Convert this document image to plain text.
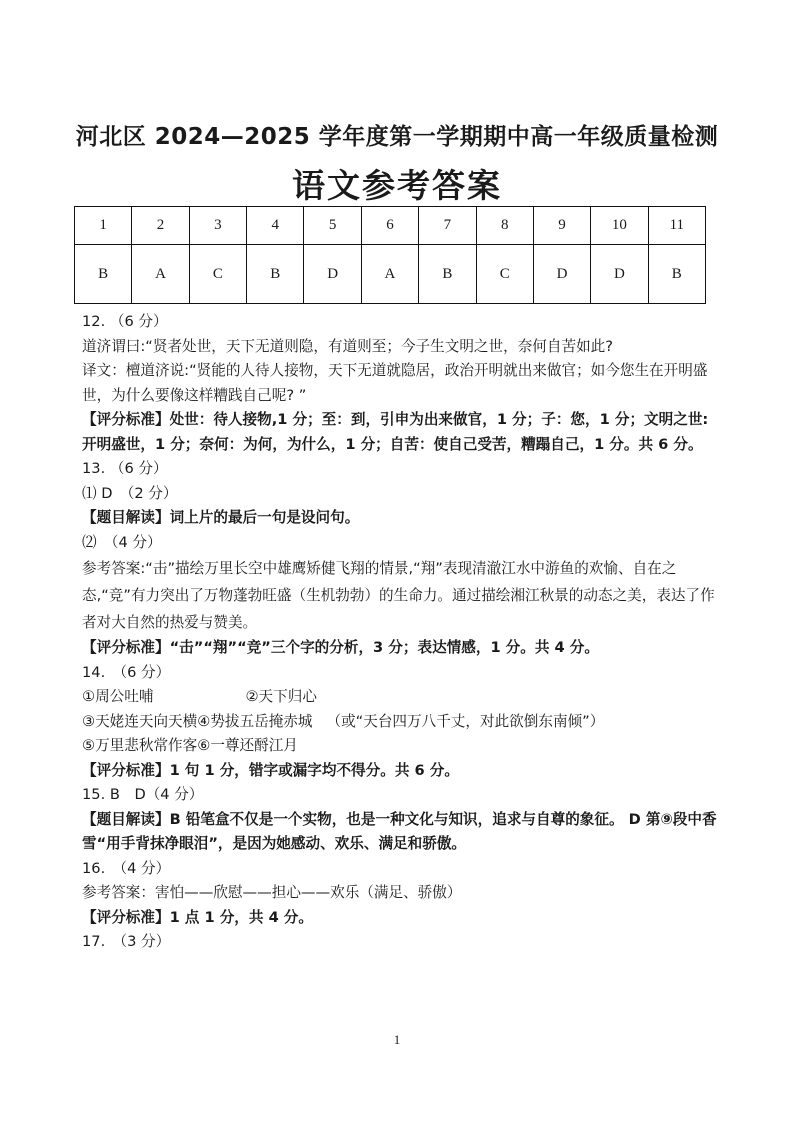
河北区 2024—2025 学年度第一学期期中高一年级质量检测
语文参考答案
1	2	3	4	5	6	7	8	9	10	11
B	A	C	B	D	A	B	C	D	D	B

12. （6 分）

道济谓曰:“贤者处世，天下无道则隐，有道则至；今子生文明之世，奈何自苦如此?

译文：檀道济说:“贤能的人待人接物，天下无道就隐居，政治开明就出来做官；如今您生在开明盛世，为什么要像这样糟践自己呢? ”

【评分标准】处世：待人接物,1 分；至：到，引申为出来做官，1 分；子：您，1 分；文明之世:开明盛世，1 分；奈何：为何，为什么，1 分；自苦：使自己受苦，糟蹋自己，1 分。共 6 分。

13. （6 分）

⑴ D　（2 分）

【题目解读】词上片的最后一句是设问句。

⑵　（4 分）

参考答案:“击”描绘万里长空中雄鹰矫健飞翔的情景,“翔”表现清澈江水中游鱼的欢愉、自在之态,“竞”有力突出了万物蓬勃旺盛（生机勃勃）的生命力。通过描绘湘江秋景的动态之美，表达了作者对大自然的热爱与赞美。

【评分标准】“击”“翔”“竞”三个字的分析，3 分；表达情感，1 分。共 4 分。

14.　（6 分）

①周公吐哺	②天下归心

③天姥连天向天横④势拔五岳掩赤城 （或“天台四万八千丈，对此欲倒东南倾”）

⑤万里悲秋常作客⑥一尊还酹江月

【评分标准】1 句 1 分，错字或漏字均不得分。共 6 分。

15. B　D（4 分）

【题目解读】B 铅笔盒不仅是一个实物，也是一种文化与知识，追求与自尊的象征。 D 第⑨段中香雪“用手背抹净眼泪”，是因为她感动、欢乐、满足和骄傲。

16.　（4 分）

参考答案：害怕——欣慰——担心——欢乐（满足、骄傲）

【评分标准】1 点 1 分，共 4 分。

17.　（3 分）

1
